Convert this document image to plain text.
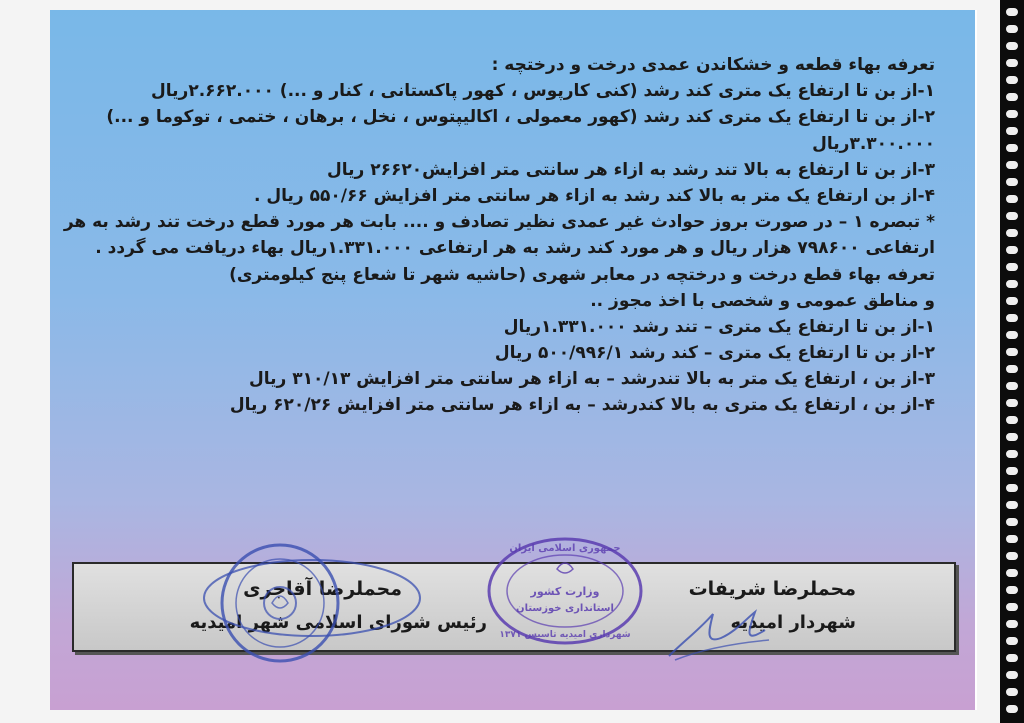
تعرفه بهاء قطعه و خشکاندن عمدی درخت و درختچه :
۱-از بن تا ارتفاع یک متری کند رشد (کنی کارپوس ، کهور پاکستانی ، کنار و ...) ۲.۶۶۲.۰۰۰ریال
۲-از بن تا ارتفاع یک متری کند رشد (کهور معمولی ، اکالیپتوس ، نخل ، برهان ، ختمی ، توکوما و ...)
۳.۳۰۰.۰۰۰ریال
۳-از بن تا ارتفاع به بالا تند رشد به ازاء هر سانتی متر افزایش۲۶۶۲۰ ریال
۴-از بن ارتفاع یک متر به بالا کند رشد به ازاء هر سانتی متر افزایش ۵۵۰/۶۶ ریال .
* تبصره ۱ – در صورت بروز حوادث غیر عمدی نظیر تصادف و .... بابت هر مورد قطع درخت تند رشد به هر
ارتفاعی ۷۹۸۶۰۰ هزار ریال و هر مورد کند رشد به هر ارتفاعی ۱.۳۳۱.۰۰۰ریال بهاء دریافت می گردد .
تعرفه بهاء قطع درخت و درختچه در معابر شهری (حاشیه شهر تا شعاع پنج کیلومتری)
و مناطق عمومی و شخصی با اخذ مجوز ..
۱-از بن تا ارتفاع یک متری – تند رشد ۱.۳۳۱.۰۰۰ریال
۲-از بن تا ارتفاع یک متری – کند رشد ۵۰۰/۹۹۶/۱ ریال
۳-از بن ، ارتفاع یک متر به بالا تندرشد – به ازاء هر سانتی متر افزایش ۳۱۰/۱۳ ریال
۴-از بن ، ارتفاع یک متری به بالا کندرشد – به ازاء هر سانتی متر افزایش ۶۲۰/۲۶ ریال
محملرضا شریفات
شهردار امیدیه
محملرضا آقاجری
رئیس شورای اسلامی شهر امیدیه
وزارت کشور
استانداری خوزستان
جمهوری اسلامی ایران
شهرداری امیدیه تاسیس ۱۳۷۱
